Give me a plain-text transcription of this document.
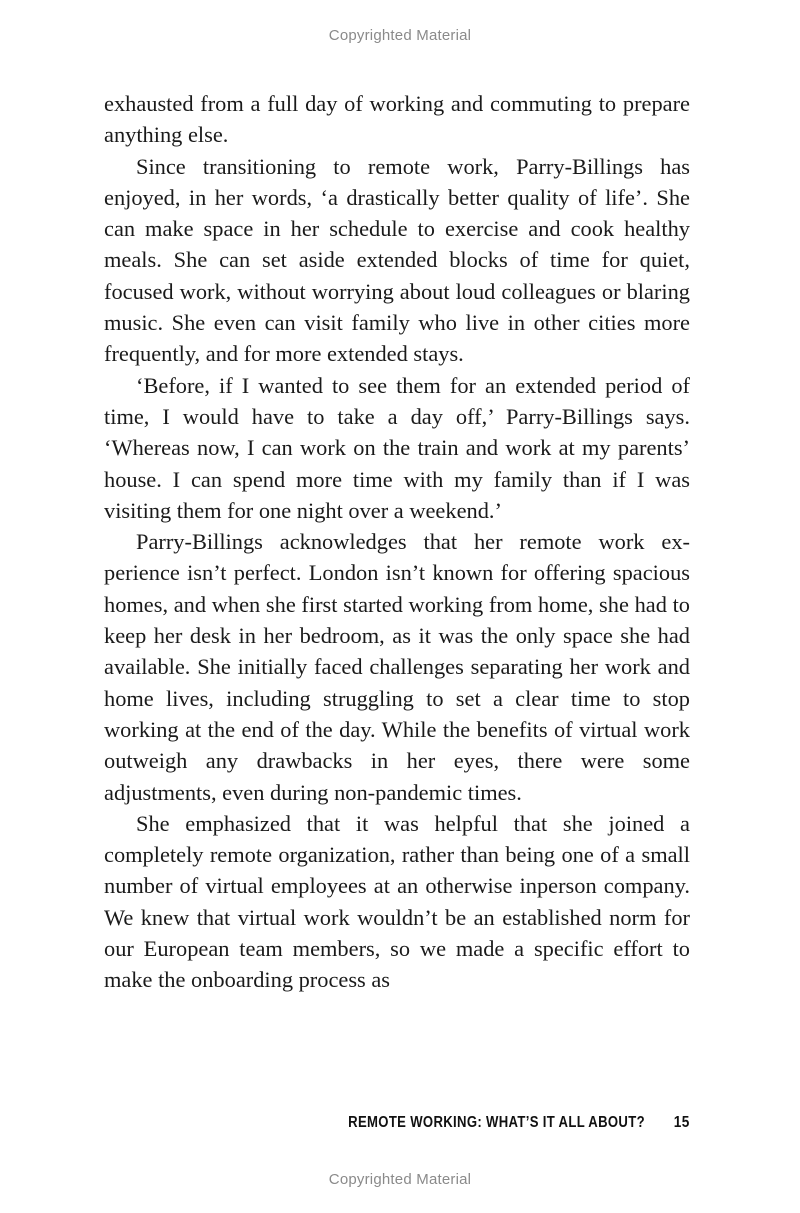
Copyrighted Material

exhausted from a full day of working and commuting to prepare anything else.

Since transitioning to remote work, Parry-Billings has enjoyed, in her words, ‘a drastically better quality of life’. She can make space in her schedule to exercise and cook healthy meals. She can set aside extended blocks of time for quiet, focused work, without worrying about loud colleagues or blaring music. She even can visit family who live in other cities more frequently, and for more extended stays.

‘Before, if I wanted to see them for an extended period of time, I would have to take a day off,’ Parry-Billings says. ‘Whereas now, I can work on the train and work at my parents’ house. I can spend more time with my family than if I was visiting them for one night over a weekend.’

Parry-Billings acknowledges that her remote work experience isn’t perfect. London isn’t known for offering spacious homes, and when she first started working from home, she had to keep her desk in her bedroom, as it was the only space she had available. She initially faced challenges separating her work and home lives, including struggling to set a clear time to stop working at the end of the day. While the benefits of virtual work outweigh any drawbacks in her eyes, there were some adjustments, even during non-pandemic times.

She emphasized that it was helpful that she joined a completely remote organization, rather than being one of a small number of virtual employees at an otherwise inperson company. We knew that virtual work wouldn’t be an established norm for our European team members, so we made a specific effort to make the onboarding process as

REMOTE WORKING: WHAT’S IT ALL ABOUT? 15
Copyrighted Material
